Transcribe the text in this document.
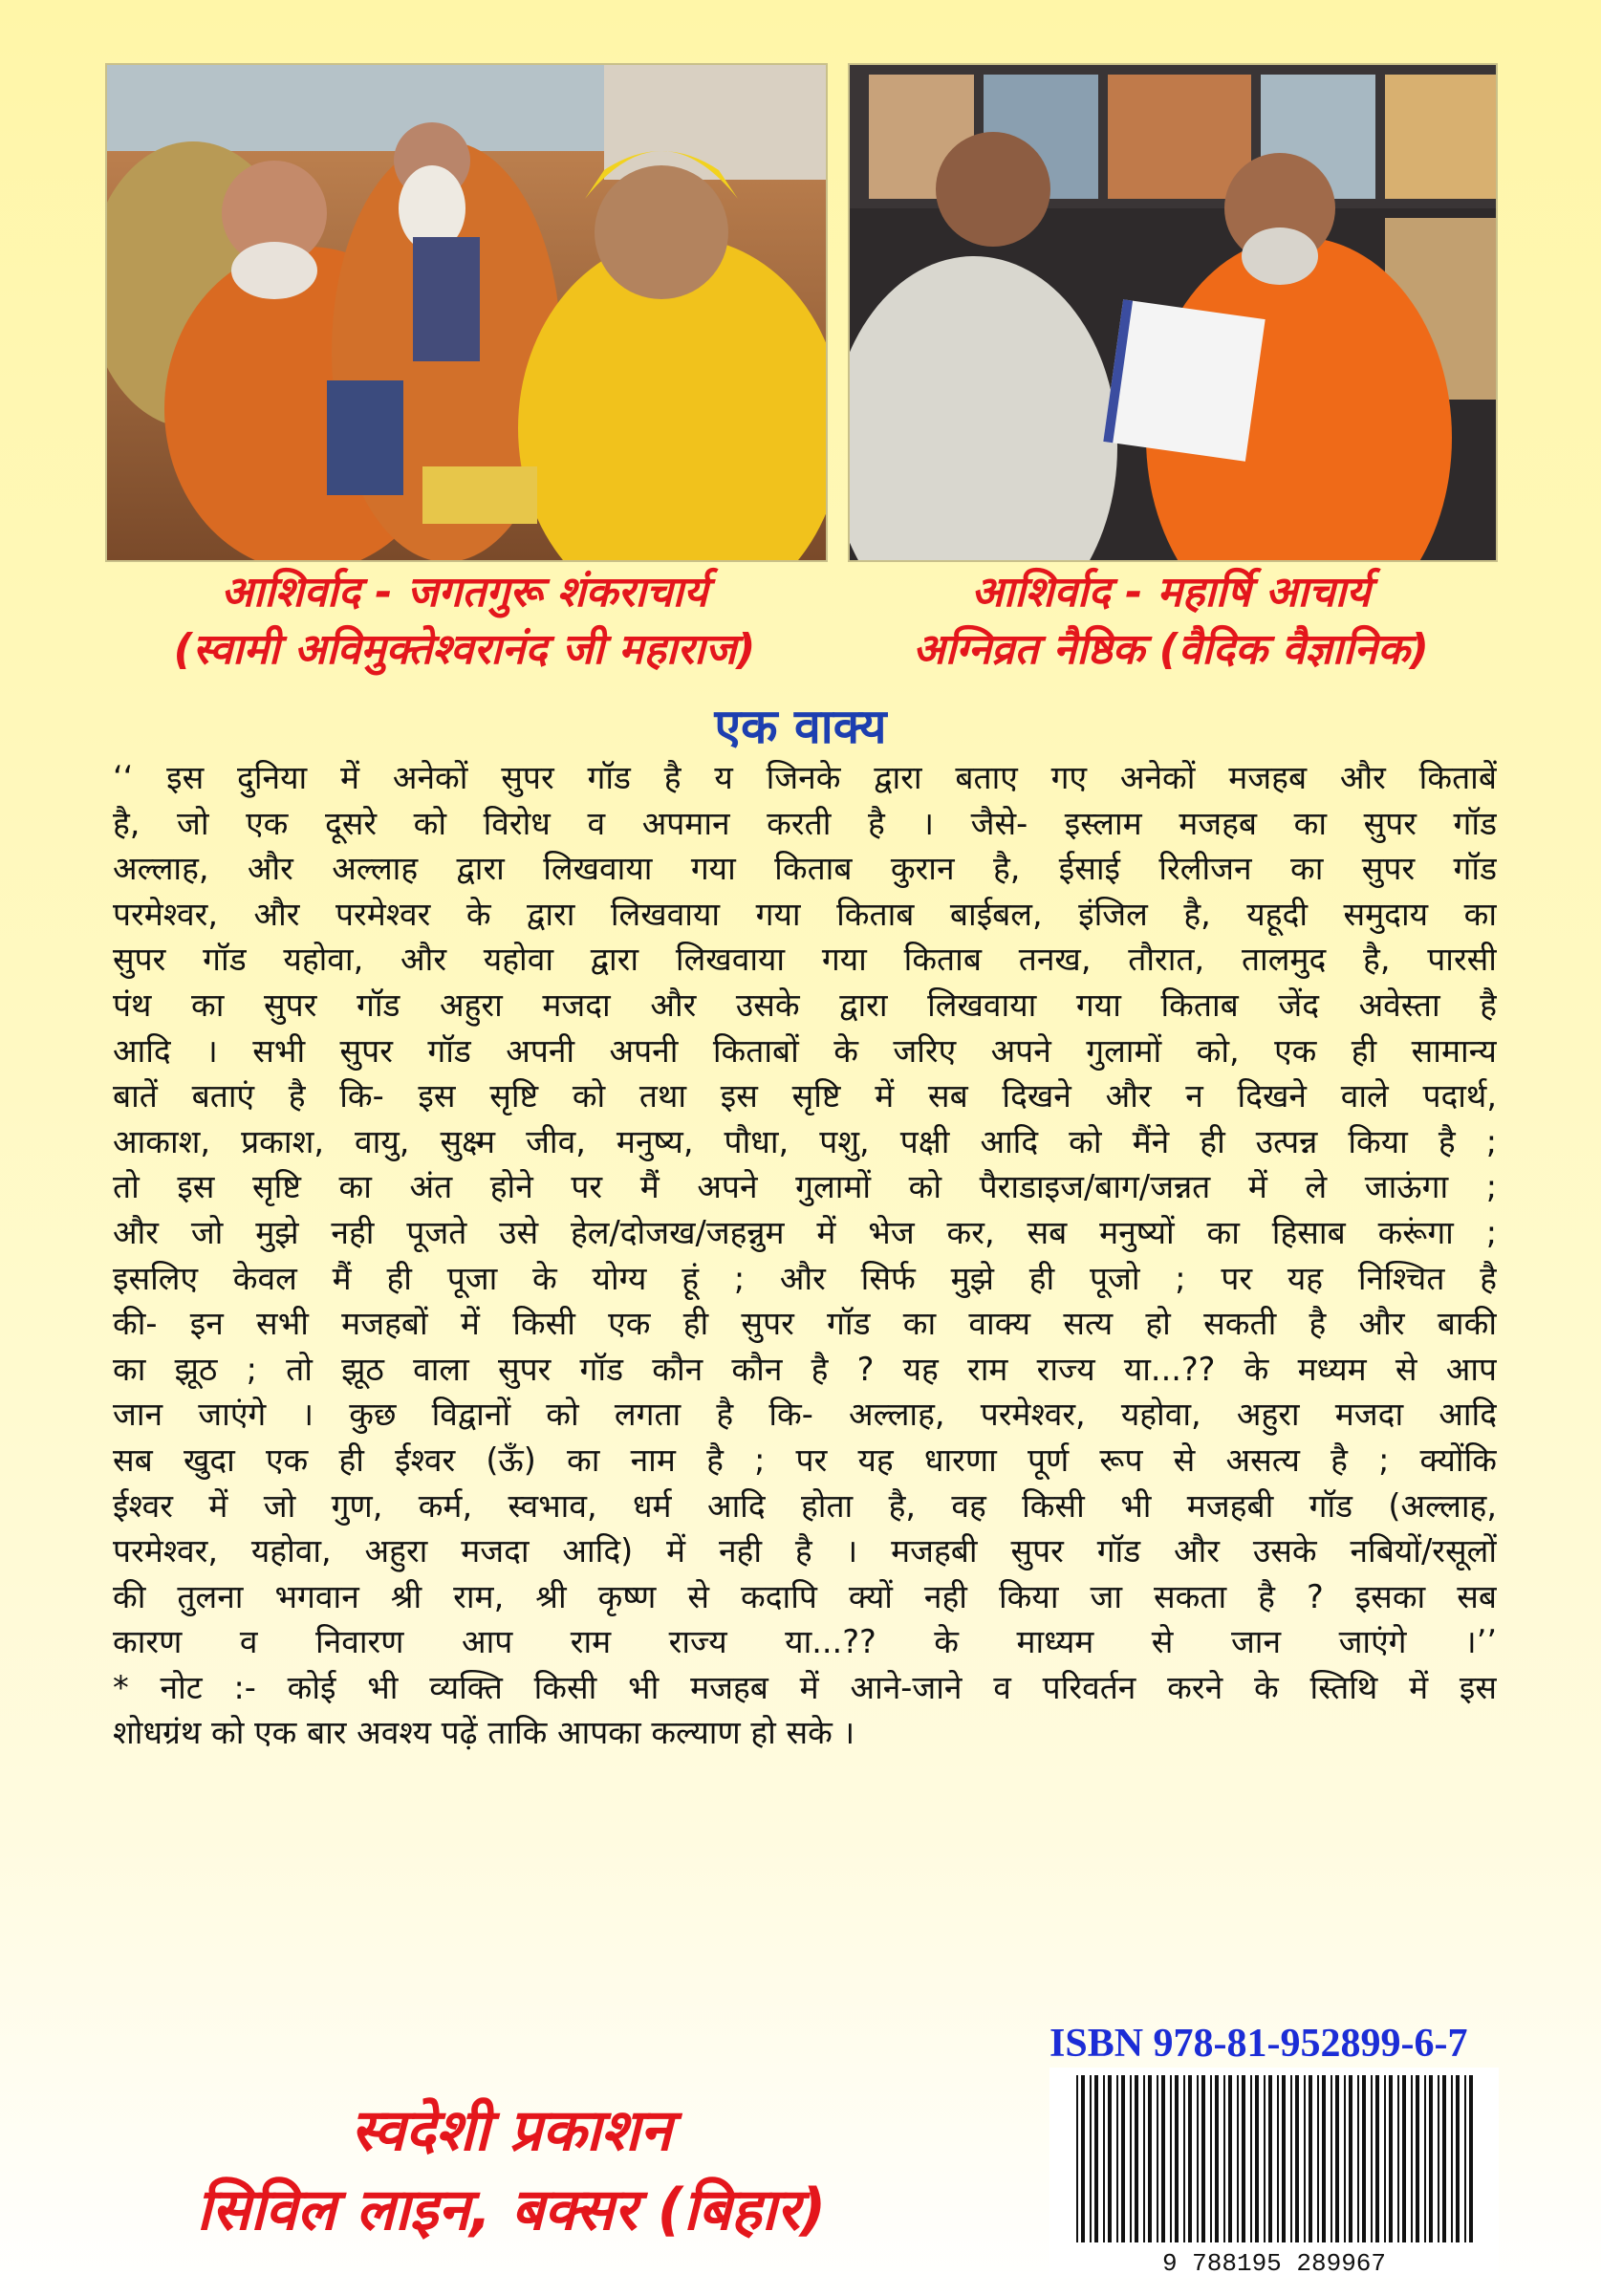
आशिर्वाद - जगतगुरू शंकराचार्य
(स्वामी अविमुक्तेश्वरानंद जी महाराज)
आशिर्वाद - महार्षि आचार्य
अग्निव्रत नैष्ठिक (वैदिक वैज्ञानिक)
एक वाक्य
‘‘ इस दुनिया में अनेकों सुपर गॉड है य जिनके द्वारा बताए गए अनेकों मजहब और किताबें
है, जो एक दूसरे को विरोध व अपमान करती है । जैसे- इस्लाम मजहब का सुपर गॉड
अल्लाह, और अल्लाह द्वारा लिखवाया गया किताब कुरान है, ईसाई रिलीजन का सुपर गॉड
परमेश्वर, और परमेश्वर के द्वारा लिखवाया गया किताब बाईबल, इंजिल है, यहूदी समुदाय का
सुपर गॉड यहोवा, और यहोवा द्वारा लिखवाया गया किताब तनख, तौरात, तालमुद है, पारसी
पंथ का सुपर गॉड अहुरा मजदा और उसके द्वारा लिखवाया गया किताब जेंद अवेस्ता है
आदि । सभी सुपर गॉड अपनी अपनी किताबों के जरिए अपने गुलामों को, एक ही सामान्य
बातें बताएं है कि- इस सृष्टि को तथा इस सृष्टि में सब दिखने और न दिखने वाले पदार्थ,
आकाश, प्रकाश, वायु, सुक्ष्म जीव, मनुष्य, पौधा, पशु, पक्षी आदि को मैंने ही उत्पन्न किया है ;
तो इस सृष्टि का अंत होने पर मैं अपने गुलामों को पैराडाइज/बाग/जन्नत में ले जाऊंगा ;
और जो मुझे नही पूजते उसे हेल/दोजख/जहन्नुम में भेज कर, सब मनुष्यों का हिसाब करूंगा ;
इसलिए केवल मैं ही पूजा के योग्य हूं ; और सिर्फ मुझे ही पूजो ; पर यह निश्चित है
की- इन सभी मजहबों में किसी एक ही सुपर गॉड का वाक्य सत्य हो सकती है और बाकी
का झूठ ; तो झूठ वाला सुपर गॉड कौन कौन है ? यह राम राज्य या...?? के मध्यम से आप
जान जाएंगे । कुछ विद्वानों को लगता है कि- अल्लाह, परमेश्वर, यहोवा, अहुरा मजदा आदि
सब खुदा एक ही ईश्वर (ऊँ) का नाम है ; पर यह धारणा पूर्ण रूप से असत्य है ; क्योंकि
ईश्वर में जो गुण, कर्म, स्वभाव, धर्म आदि होता है, वह किसी भी मजहबी गॉड (अल्लाह,
परमेश्वर, यहोवा, अहुरा मजदा आदि) में नही है । मजहबी सुपर गॉड और उसके नबियों/रसूलों
की तुलना भगवान श्री राम, श्री कृष्ण से कदापि क्यों नही किया जा सकता है ? इसका सब
कारण व निवारण आप राम राज्य या...?? के माध्यम से जान जाएंगे ।’’
* नोट :- कोई भी व्यक्ति किसी भी मजहब में आने-जाने व परिवर्तन करने के स्तिथि में इस
शोधग्रंथ को एक बार अवश्य पढ़ें ताकि आपका कल्याण हो सके ।
ISBN 978-81-952899-6-7
9 788195 289967
स्वदेशी प्रकाशन
सिविल लाइन, बक्सर (बिहार)
